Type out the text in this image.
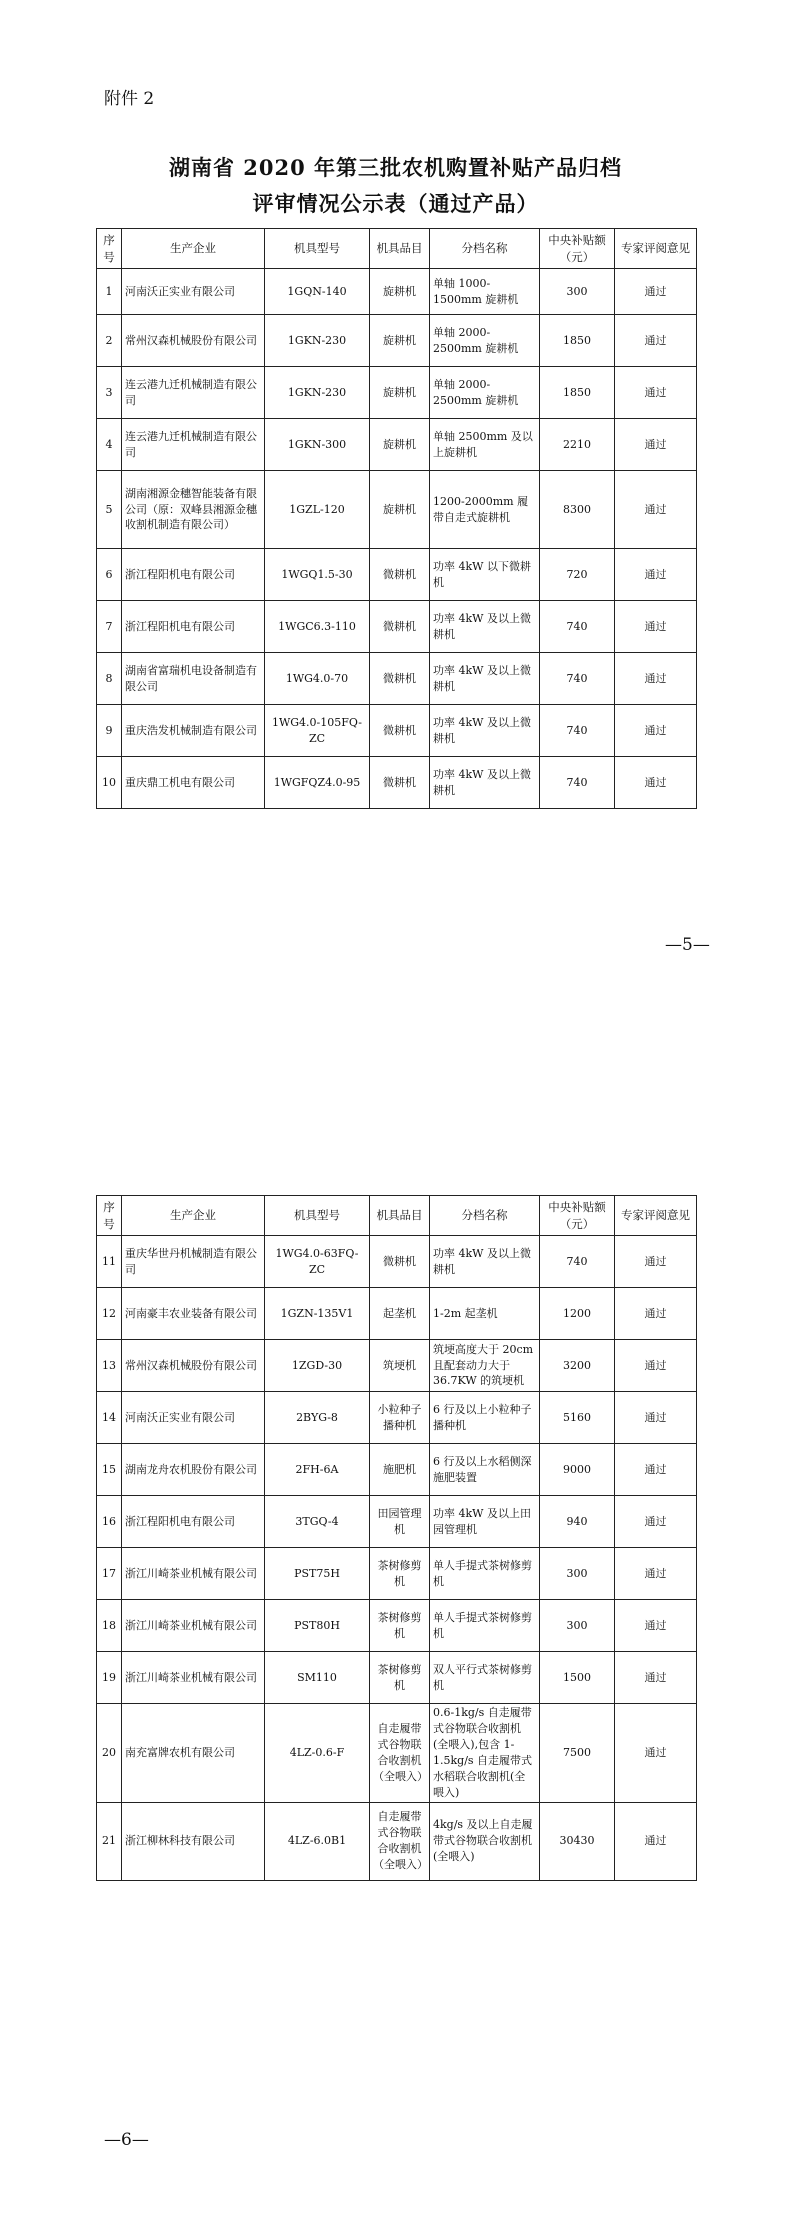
附件 2
湖南省 2020 年第三批农机购置补贴产品归档
评审情况公示表（通过产品）
序号	生产企业	机具型号	机具品目	分档名称	中央补贴额（元）	专家评阅意见
1	河南沃正实业有限公司	1GQN-140	旋耕机	单轴 1000-1500mm 旋耕机	300	通过
2	常州汉森机械股份有限公司	1GKN-230	旋耕机	单轴 2000-2500mm 旋耕机	1850	通过
3	连云港九迁机械制造有限公司	1GKN-230	旋耕机	单轴 2000-2500mm 旋耕机	1850	通过
4	连云港九迁机械制造有限公司	1GKN-300	旋耕机	单轴 2500mm 及以上旋耕机	2210	通过
5	湖南湘源金穗智能装备有限公司（原：双峰县湘源金穗收割机制造有限公司）	1GZL-120	旋耕机	1200-2000mm 履带自走式旋耕机	8300	通过
6	浙江程阳机电有限公司	1WGQ1.5-30	微耕机	功率 4kW 以下微耕机	720	通过
7	浙江程阳机电有限公司	1WGC6.3-110	微耕机	功率 4kW 及以上微耕机	740	通过
8	湖南省富瑞机电设备制造有限公司	1WG4.0-70	微耕机	功率 4kW 及以上微耕机	740	通过
9	重庆浩发机械制造有限公司	1WG4.0-105FQ-ZC	微耕机	功率 4kW 及以上微耕机	740	通过
10	重庆鼎工机电有限公司	1WGFQZ4.0-95	微耕机	功率 4kW 及以上微耕机	740	通过
—5—
序号	生产企业	机具型号	机具品目	分档名称	中央补贴额（元）	专家评阅意见
11	重庆华世丹机械制造有限公司	1WG4.0-63FQ-ZC	微耕机	功率 4kW 及以上微耕机	740	通过
12	河南豪丰农业装备有限公司	1GZN-135V1	起垄机	1-2m 起垄机	1200	通过
13	常州汉森机械股份有限公司	1ZGD-30	筑埂机	筑埂高度大于 20cm 且配套动力大于 36.7KW 的筑埂机	3200	通过
14	河南沃正实业有限公司	2BYG-8	小粒种子播种机	6 行及以上小粒种子播种机	5160	通过
15	湖南龙舟农机股份有限公司	2FH-6A	施肥机	6 行及以上水稻侧深施肥装置	9000	通过
16	浙江程阳机电有限公司	3TGQ-4	田园管理机	功率 4kW 及以上田园管理机	940	通过
17	浙江川崎茶业机械有限公司	PST75H	茶树修剪机	单人手提式茶树修剪机	300	通过
18	浙江川崎茶业机械有限公司	PST80H	茶树修剪机	单人手提式茶树修剪机	300	通过
19	浙江川崎茶业机械有限公司	SM110	茶树修剪机	双人平行式茶树修剪机	1500	通过
20	南充富牌农机有限公司	4LZ-0.6-F	自走履带式谷物联合收割机（全喂入）	0.6-1kg/s 自走履带式谷物联合收割机(全喂入),包含 1-1.5kg/s 自走履带式水稻联合收割机(全喂入)	7500	通过
21	浙江柳林科技有限公司	4LZ-6.0B1	自走履带式谷物联合收割机（全喂入）	4kg/s 及以上自走履带式谷物联合收割机(全喂入)	30430	通过
—6—
